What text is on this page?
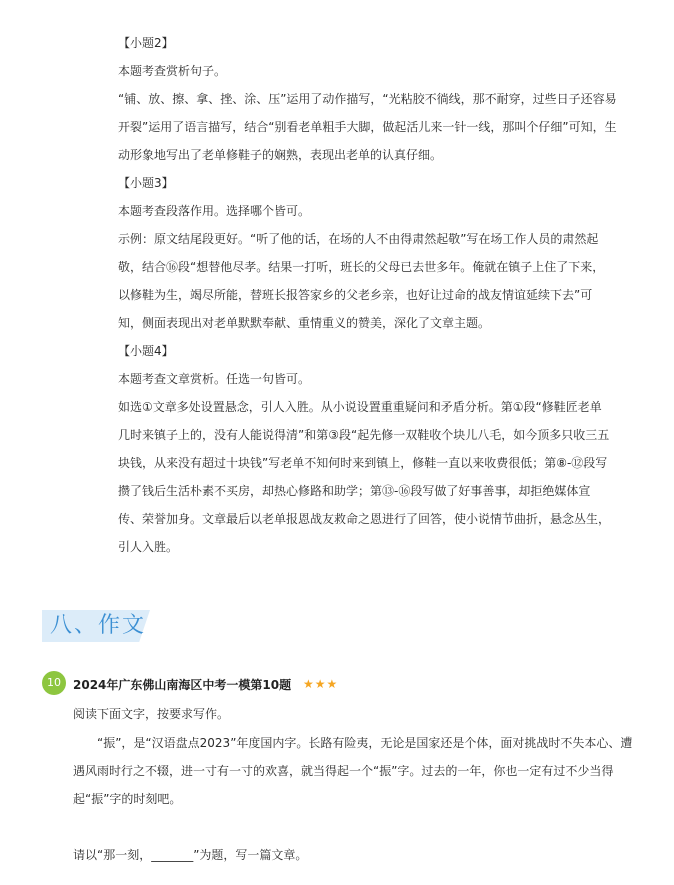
【小题2】
本题考查赏析句子。
“铺、放、擦、拿、挫、涂、压”运用了动作描写，“光粘胶不徜线，那不耐穿，过些日子还容易
开裂”运用了语言描写，结合“别看老单粗手大脚，做起活儿来一针一线，那叫个仔细”可知，生
动形象地写出了老单修鞋子的娴熟，表现出老单的认真仔细。
【小题3】
本题考查段落作用。选择哪个皆可。
示例：原文结尾段更好。“听了他的话，在场的人不由得肃然起敬”写在场工作人员的肃然起
敬，结合⑯段“想替他尽孝。结果一打听，班长的父母已去世多年。俺就在镇子上住了下来，
以修鞋为生，竭尽所能，替班长报答家乡的父老乡亲，也好让过命的战友情谊延续下去”可
知，侧面表现出对老单默默奉献、重情重义的赞美，深化了文章主题。
【小题4】
本题考查文章赏析。任选一句皆可。
如选①文章多处设置悬念，引人入胜。从小说设置重重疑问和矛盾分析。第①段“修鞋匠老单
几时来镇子上的，没有人能说得清”和第③段“起先修一双鞋收个块儿八毛，如今顶多只收三五
块钱，从来没有超过十块钱”写老单不知何时来到镇上，修鞋一直以来收费很低；第⑧-⑫段写
攒了钱后生活朴素不买房，却热心修路和助学；第⑬-⑯段写做了好事善事，却拒绝媒体宣
传、荣誉加身。文章最后以老单报恩战友救命之恩进行了回答，使小说情节曲折，悬念丛生，
引人入胜。
八、作文
10	2024年广东佛山南海区中考一模第10题 ★★★
阅读下面文字，按要求写作。
“振”，是“汉语盘点2023”年度国内字。长路有险夷，无论是国家还是个体，面对挑战时不失本心、遭
遇风雨时行之不辍，进一寸有一寸的欢喜，就当得起一个“振”字。过去的一年，你也一定有过不少当得
起“振”字的时刻吧。
请以“那一刻，_______”为题，写一篇文章。
